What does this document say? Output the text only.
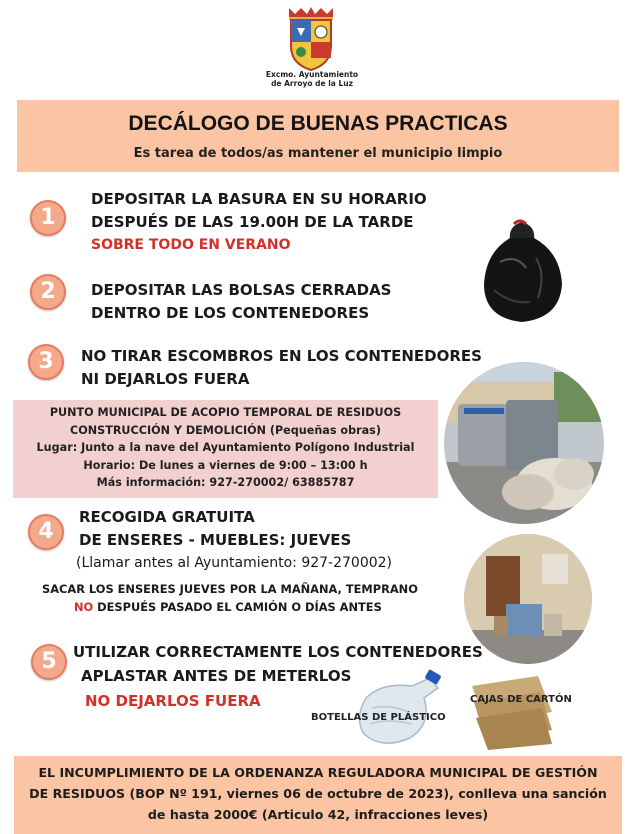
Excmo. Ayuntamiento
de Arroyo de la Luz
DECÁLOGO DE BUENAS PRACTICAS
Es tarea de todos/as mantener el municipio limpio
1
DEPOSITAR LA BASURA EN SU HORARIO
DESPUÉS DE LAS 19.00H DE LA TARDE
SOBRE TODO EN VERANO
2	DEPOSITAR LAS BOLSAS CERRADAS
DENTRO DE LOS CONTENEDORES
3	NO TIRAR ESCOMBROS EN LOS CONTENEDORES
NI DEJARLOS FUERA
PUNTO MUNICIPAL DE ACOPIO TEMPORAL DE RESIDUOS
CONSTRUCCIÓN Y DEMOLICIÓN (Pequeñas obras)
Lugar: Junto a la nave del Ayuntamiento Polígono Industrial
Horario: De lunes a viernes de 9:00 – 13:00 h
Más información: 927-270002/ 63885787
4
RECOGIDA GRATUITA
DE ENSERES - MUEBLES: JUEVES
(Llamar antes al Ayuntamiento: 927-270002)
SACAR LOS ENSERES JUEVES POR LA MAÑANA, TEMPRANO
NO DESPUÉS PASADO EL CAMIÓN O DÍAS ANTES
5	UTILIZAR CORRECTAMENTE LOS CONTENEDORES
APLASTAR ANTES DE METERLOS
NO DEJARLOS FUERA
BOTELLAS DE PLÁSTICO
CAJAS DE CARTÓN
EL INCUMPLIMIENTO DE LA ORDENANZA REGULADORA MUNICIPAL DE GESTIÓN
DE RESIDUOS (BOP Nº 191, viernes 06 de octubre de 2023), conlleva una sanción
de hasta 2000€ (Articulo 42, infracciones leves)
